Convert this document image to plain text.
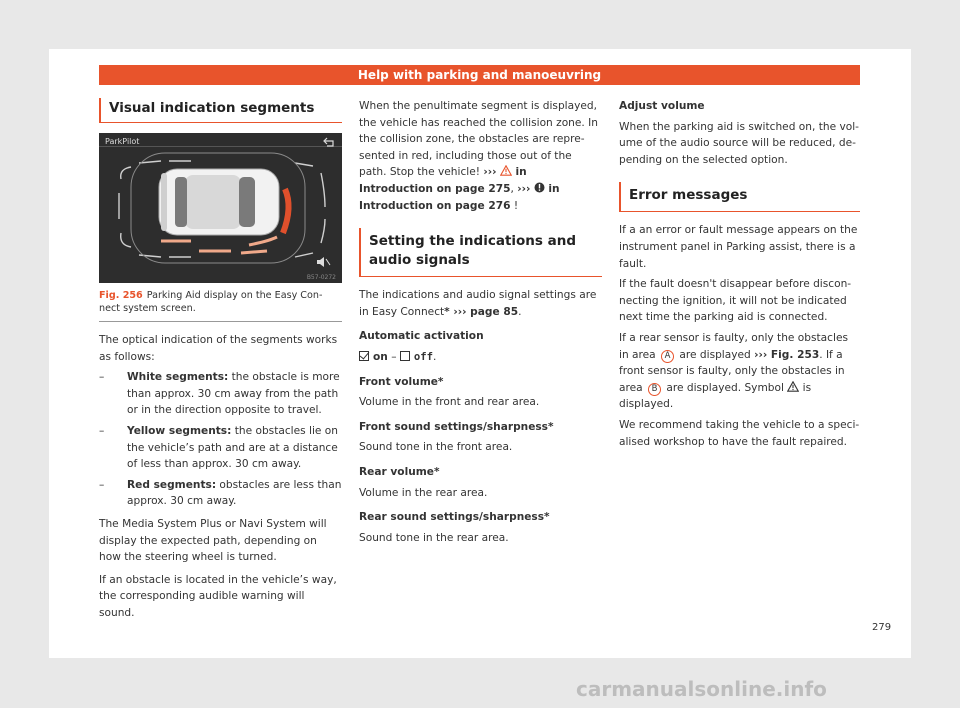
Help with parking and manoeuvring
Visual indication segments
ParkPilot
B57-0272
Fig. 256 Parking Aid display on the Easy Con-nect system screen.

The optical indication of the segments works as follows:

–	White segments: the obstacle is more than approx. 30 cm away from the path or in the direction opposite to travel.
–	Yellow segments: the obstacles lie on the vehicle’s path and are at a distance of less than approx. 30 cm away.
–	Red segments: obstacles are less than approx. 30 cm away.

The Media System Plus or Navi System will display the expected path, depending on how the steering wheel is turned.

If an obstacle is located in the vehicle’s way, the corresponding audible warning will sound.

When the penultimate segment is displayed, the vehicle has reached the collision zone. In the collision zone, the obstacles are repre-sented in red, including those out of the path. Stop the vehicle! ›››  in Introduction on page 275, ›››  in Introduction on page 276 !

Setting the indications and audio signals

The indications and audio signal settings are in Easy Connect* ››› page 85.

Automatic activation

on – off.

Front volume*

Volume in the front and rear area.

Front sound settings/sharpness*

Sound tone in the front area.

Rear volume*

Volume in the rear area.

Rear sound settings/sharpness*

Sound tone in the rear area.

Adjust volume

When the parking aid is switched on, the vol-ume of the audio source will be reduced, de-pending on the selected option.

Error messages

If a an error or fault message appears on the instrument panel in Parking assist, there is a fault.

If the fault doesn't disappear before discon-necting the ignition, it will not be indicated next time the parking aid is connected.

If a rear sensor is faulty, only the obstacles in area A are displayed ››› Fig. 253. If a front sensor is faulty, only the obstacles in area B are displayed. Symbol  is displayed.

We recommend taking the vehicle to a speci-alised workshop to have the fault repaired.

279
carmanualsonline.info
